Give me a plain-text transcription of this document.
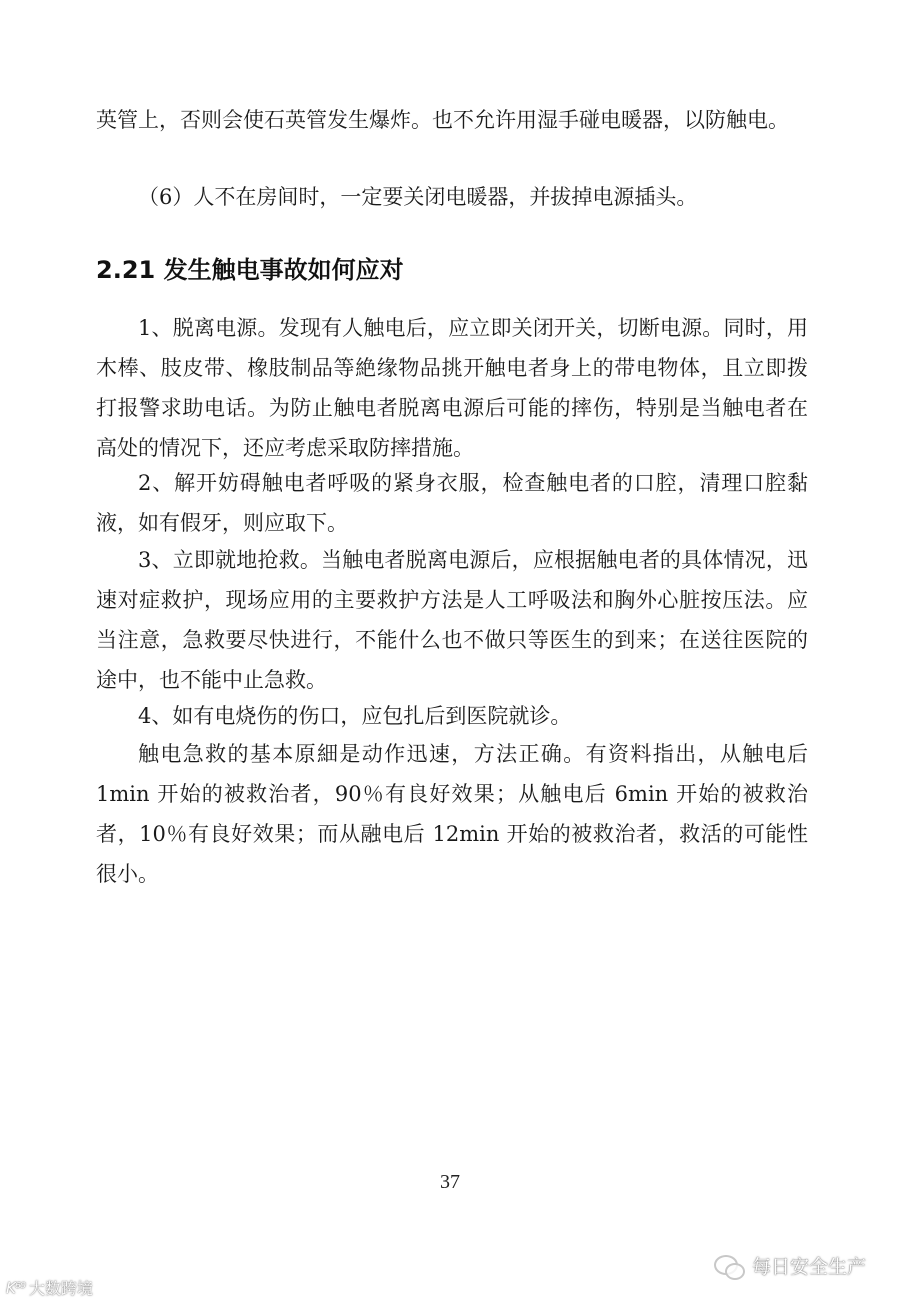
英管上，否则会使石英管发生爆炸。也不允许用湿手碰电暖器，以防触电。

（6）人不在房间时，一定要关闭电暖器，并拔掉电源插头。

2.21 发生触电事故如何应对

1、脱离电源。发现有人触电后，应立即关闭开关，切断电源。同时，用木棒、肢皮带、橡肢制品等絶缘物品挑开触电者身上的带电物体，且立即拨打报警求助电话。为防止触电者脱离电源后可能的摔伤，特别是当触电者在高处的情况下，还应考虑采取防摔措施。

2、解开妨碍触电者呼吸的紧身衣服，检查触电者的口腔，清理口腔黏液，如有假牙，则应取下。

3、立即就地抢救。当触电者脱离电源后，应根据触电者的具体情况，迅速对症救护，现场应用的主要救护方法是人工呼吸法和胸外心脏按压法。应当注意，急救要尽快进行，不能什么也不做只等医生的到来；在送往医院的途中，也不能中止急救。

4、如有电烧伤的伤口，应包扎后到医院就诊。

触电急救的基本原細是动作迅速，方法正确。有资料指出，从触电后 1min 开始的被救治者，90％有良好效果；从触电后 6min 开始的被救治者，10％有良好效果；而从融电后 12min 开始的被救治者，救活的可能性很小。

37
K⁶⁰ 大数跨境
每日安全生产
